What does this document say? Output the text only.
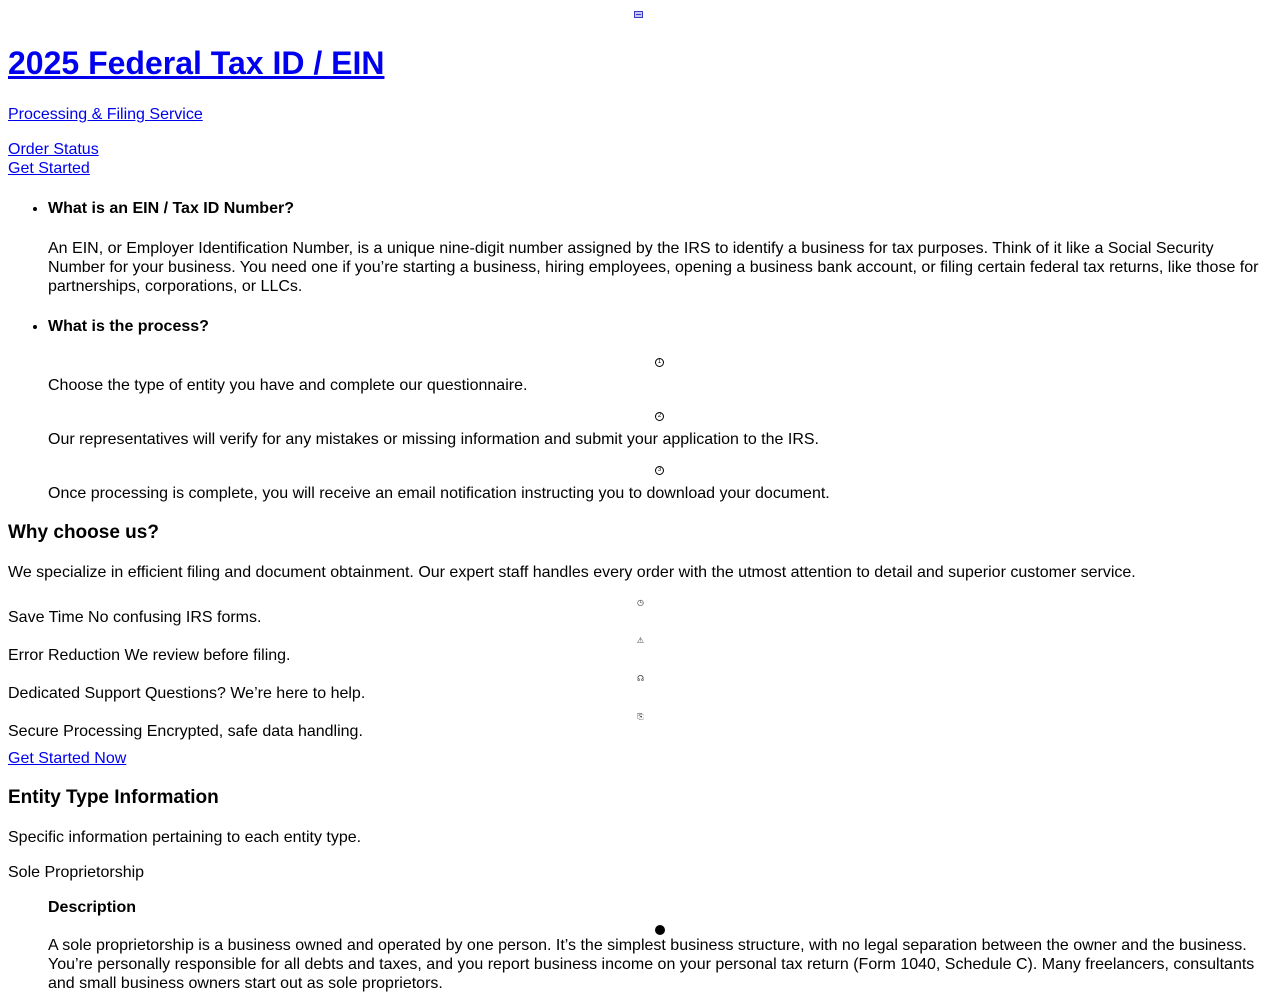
2025 Federal Tax ID / EIN
Processing & Filing Service
Order Status
Get Started
• What is an EIN / Tax ID Number?
An EIN, or Employer Identification Number, is a unique nine-digit number assigned by the IRS to identify a business for tax purposes. Think of it like a Social Security Number for your business. You need one if you’re starting a business, hiring employees, opening a business bank account, or filing certain federal tax returns, like those for partnerships, corporations, or LLCs.
• What is the process?
1
Choose the type of entity you have and complete our questionnaire.
2
Our representatives will verify for any mistakes or missing information and submit your application to the IRS.
3
Once processing is complete, you will receive an email notification instructing you to download your document.
Why choose us?
We specialize in efficient filing and document obtainment. Our expert staff handles every order with the utmost attention to detail and superior customer service.
◷
Save Time No confusing IRS forms.
⚠
Error Reduction We review before filing.
☊
Dedicated Support Questions? We’re here to help.
⎘
Secure Processing Encrypted, safe data handling.
Get Started Now
Entity Type Information
Specific information pertaining to each entity type.
Sole Proprietorship
Description
A sole proprietorship is a business owned and operated by one person. It’s the simplest business structure, with no legal separation between the owner and the business. You’re personally responsible for all debts and taxes, and you report business income on your personal tax return (Form 1040, Schedule C). Many freelancers, consultants and small business owners start out as sole proprietors.
